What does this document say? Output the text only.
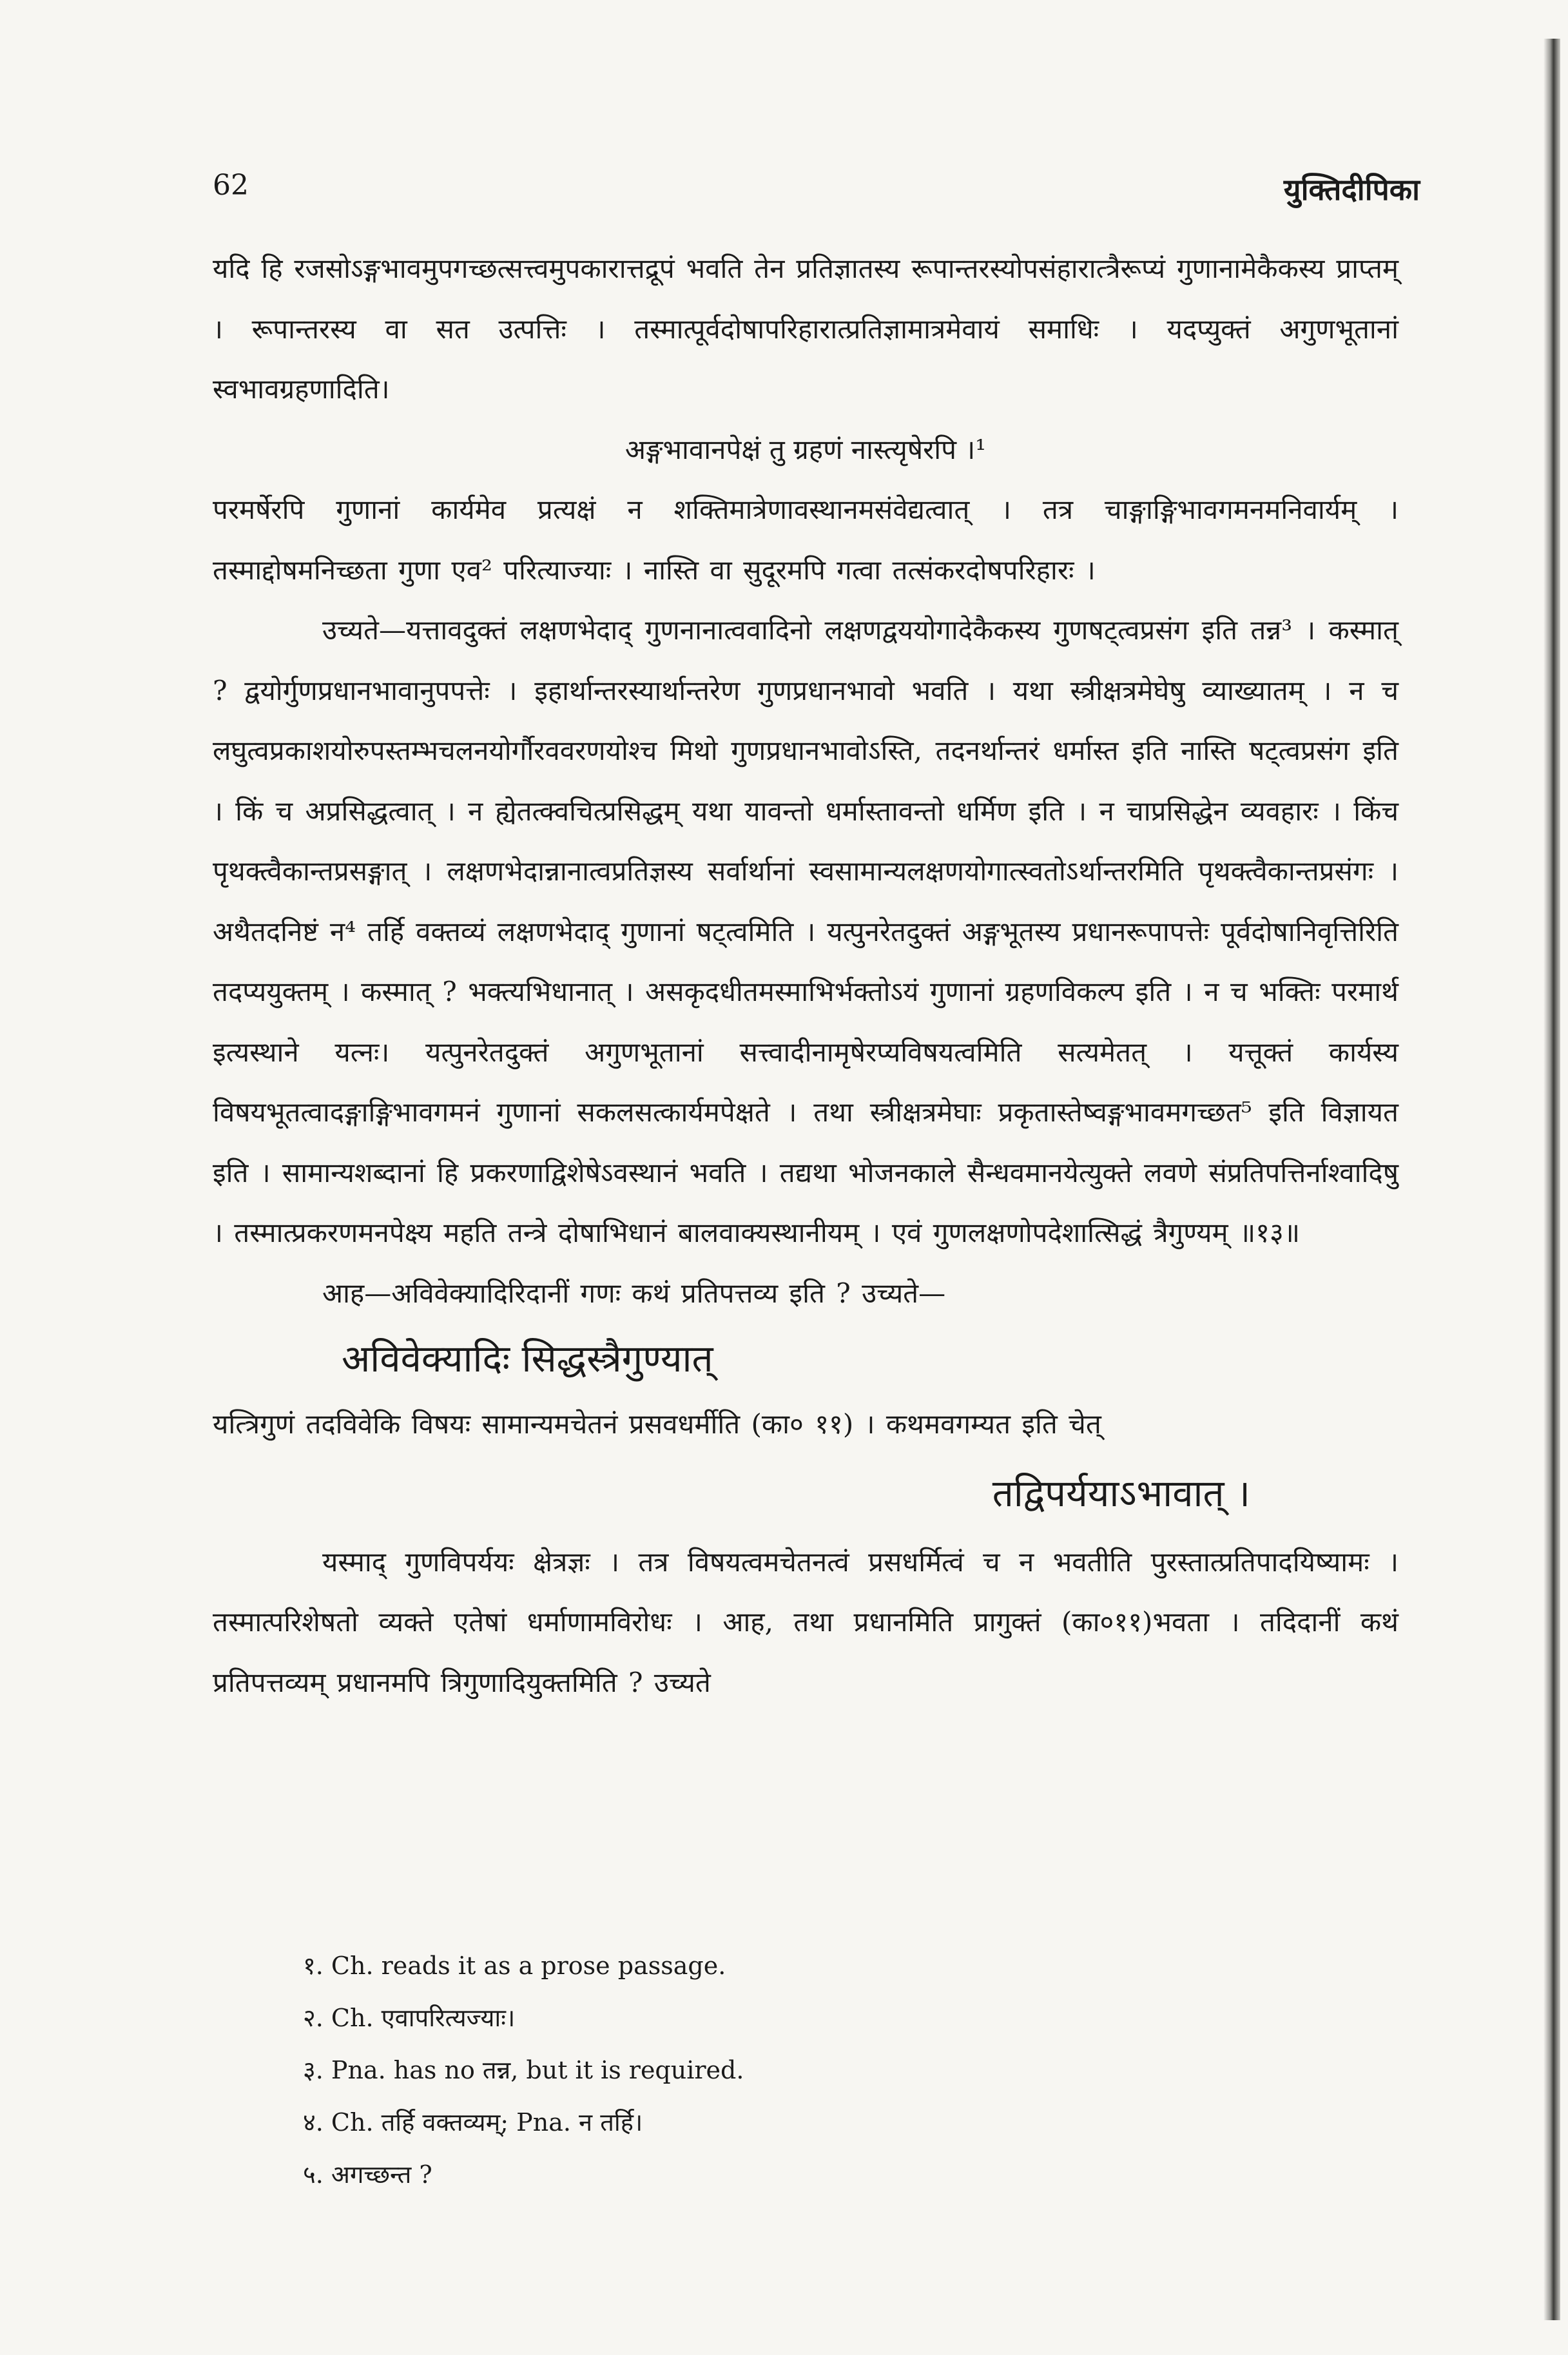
62	युक्तिदीपिका

यदि हि रजसोऽङ्गभावमुपगच्छत्सत्त्वमुपकारात्तद्रूपं भवति तेन प्रतिज्ञातस्य रूपान्तरस्योपसंहारात्त्रैरूप्यं गुणानामेकैकस्य प्राप्तम् । रूपान्तरस्य वा सत उत्पत्तिः । तस्मात्पूर्वदोषापरिहारात्प्रतिज्ञामात्रमेवायं समाधिः । यदप्युक्तं अगुणभूतानां स्वभावग्रहणादिति।

अङ्गभावानपेक्षं तु ग्रहणं नास्त्यृषेरपि ।¹

परमर्षेरपि गुणानां कार्यमेव प्रत्यक्षं न शक्तिमात्रेणावस्थानमसंवेद्यत्वात् । तत्र चाङ्गाङ्गिभावगमनमनिवार्यम् । तस्माद्दोषमनिच्छता गुणा एव² परित्याज्याः । नास्ति वा सुदूरमपि गत्वा तत्संकरदोषपरिहारः ।

उच्यते—यत्तावदुक्तं लक्षणभेदाद् गुणनानात्ववादिनो लक्षणद्वययोगादेकैकस्य गुणषट्त्वप्रसंग इति तन्न³ । कस्मात् ? द्वयोर्गुणप्रधानभावानुपपत्तेः । इहार्थान्तरस्यार्थान्तरेण गुणप्रधानभावो भवति । यथा स्त्रीक्षत्रमेघेषु व्याख्यातम् । न च लघुत्वप्रकाशयोरुपस्तम्भचलनयोर्गौरववरणयोश्च मिथो गुणप्रधानभावोऽस्ति, तदनर्थान्तरं धर्मास्त इति नास्ति षट्त्वप्रसंग इति । किं च अप्रसिद्धत्वात् । न ह्येतत्क्वचित्प्रसिद्धम् यथा यावन्तो धर्मास्तावन्तो धर्मिण इति । न चाप्रसिद्धेन व्यवहारः । किंच पृथक्त्वैकान्तप्रसङ्गात् । लक्षणभेदान्नानात्वप्रतिज्ञस्य सर्वार्थानां स्वसामान्यलक्षणयोगात्स्वतोऽर्थान्तरमिति पृथक्त्वैकान्तप्रसंगः । अथैतदनिष्टं न⁴ तर्हि वक्तव्यं लक्षणभेदाद् गुणानां षट्त्वमिति । यत्पुनरेतदुक्तं अङ्गभूतस्य प्रधानरूपापत्तेः पूर्वदोषानिवृत्तिरिति तदप्ययुक्तम् । कस्मात् ? भक्त्यभिधानात् । असकृदधीतमस्माभिर्भक्तोऽयं गुणानां ग्रहणविकल्प इति । न च भक्तिः परमार्थ इत्यस्थाने यत्नः। यत्पुनरेतदुक्तं अगुणभूतानां सत्त्वादीनामृषेरप्यविषयत्वमिति सत्यमेतत् । यत्तूक्तं कार्यस्य विषयभूतत्वादङ्गाङ्गिभावगमनं गुणानां सकलसत्कार्यमपेक्षते । तथा स्त्रीक्षत्रमेघाः प्रकृतास्तेष्वङ्गभावमगच्छत⁵ इति विज्ञायत इति । सामान्यशब्दानां हि प्रकरणाद्विशेषेऽवस्थानं भवति । तद्यथा भोजनकाले सैन्धवमानयेत्युक्ते लवणे संप्रतिपत्तिर्नाश्वादिषु । तस्मात्प्रकरणमनपेक्ष्य महति तन्त्रे दोषाभिधानं बालवाक्यस्थानीयम् । एवं गुणलक्षणोपदेशात्सिद्धं त्रैगुण्यम् ॥१३॥

आह—अविवेक्यादिरिदानीं गणः कथं प्रतिपत्तव्य इति ? उच्यते—

अविवेक्यादिः सिद्धस्त्रैगुण्यात्

यत्त्रिगुणं तदविवेकि विषयः सामान्यमचेतनं प्रसवधर्मीति (का० ११) । कथमवगम्यत इति चेत्

तद्विपर्ययाऽभावात् ।

यस्माद् गुणविपर्ययः क्षेत्रज्ञः । तत्र विषयत्वमचेतनत्वं प्रसधर्मित्वं च न भवतीति पुरस्तात्प्रतिपादयिष्यामः । तस्मात्परिशेषतो व्यक्ते एतेषां धर्माणामविरोधः । आह, तथा प्रधानमिति प्रागुक्तं (का०११)भवता । तदिदानीं कथं प्रतिपत्तव्यम् प्रधानमपि त्रिगुणादियुक्तमिति ? उच्यते

१. Ch. reads it as a prose passage.

२. Ch. एवापरित्यज्याः।

३. Pna. has no तन्न, but it is required.

४. Ch. तर्हि वक्तव्यम्; Pna. न तर्हि।

५. अगच्छन्त ?
